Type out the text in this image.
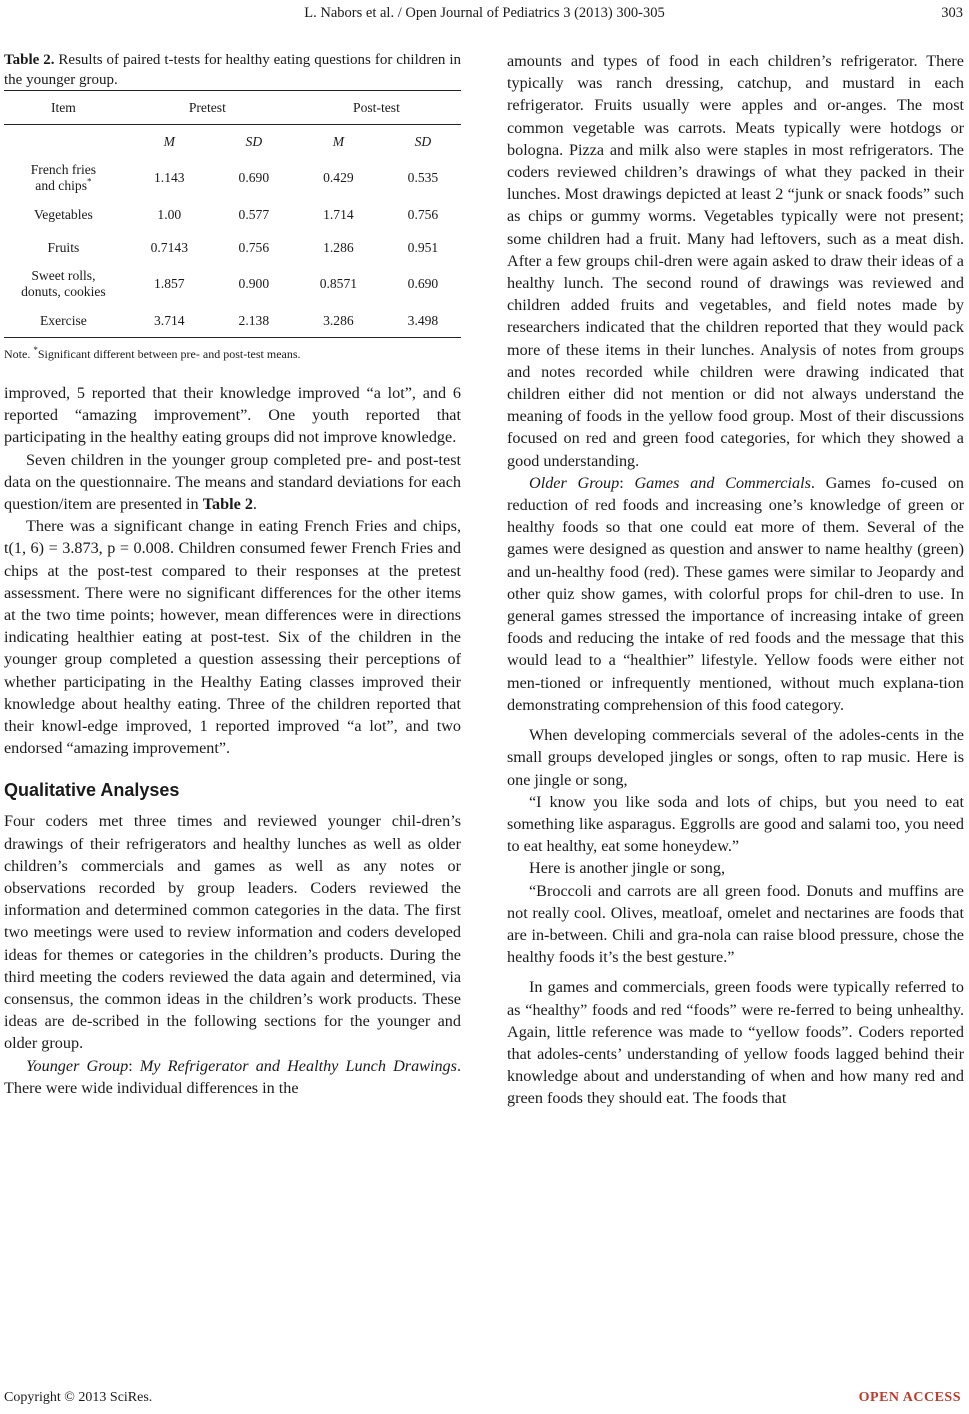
L. Nabors et al. / Open Journal of Pediatrics 3 (2013) 300-305	303

Table 2. Results of paired t-tests for healthy eating questions for children in the younger group.

Item	Pretest		Post-test	
	M	SD	M	SD
French fries
and chips*	1.143	0.690	0.429	0.535
Vegetables	1.00	0.577	1.714	0.756
Fruits	0.7143	0.756	1.286	0.951
Sweet rolls,
donuts, cookies	1.857	0.900	0.8571	0.690
Exercise	3.714	2.138	3.286	3.498
Note. *Significant different between pre- and post-test means.

improved, 5 reported that their knowledge improved “a lot”, and 6 reported “amazing improvement”. One youth reported that participating in the healthy eating groups did not improve knowledge.

Seven children in the younger group completed pre- and post-test data on the questionnaire. The means and standard deviations for each question/item are presented in Table 2.

There was a significant change in eating French Fries and chips, t(1, 6) = 3.873, p = 0.008. Children consumed fewer French Fries and chips at the post-test compared to their responses at the pretest assessment. There were no significant differences for the other items at the two time points; however, mean differences were in directions indicating healthier eating at post-test. Six of the children in the younger group completed a question assessing their perceptions of whether participating in the Healthy Eating classes improved their knowledge about healthy eating. Three of the children reported that their knowl-edge improved, 1 reported improved “a lot”, and two endorsed “amazing improvement”.

Qualitative Analyses

Four coders met three times and reviewed younger chil-dren’s drawings of their refrigerators and healthy lunches as well as older children’s commercials and games as well as any notes or observations recorded by group leaders. Coders reviewed the information and determined common categories in the data. The first two meetings were used to review information and coders developed ideas for themes or categories in the children’s products. During the third meeting the coders reviewed the data again and determined, via consensus, the common ideas in the children’s work products. These ideas are de-scribed in the following sections for the younger and older group.

Younger Group: My Refrigerator and Healthy Lunch Drawings. There were wide individual differences in the

amounts and types of food in each children’s refrigerator. There typically was ranch dressing, catchup, and mustard in each refrigerator. Fruits usually were apples and or-anges. The most common vegetable was carrots. Meats typically were hotdogs or bologna. Pizza and milk also were staples in most refrigerators. The coders reviewed children’s drawings of what they packed in their lunches. Most drawings depicted at least 2 “junk or snack foods” such as chips or gummy worms. Vegetables typically were not present; some children had a fruit. Many had leftovers, such as a meat dish. After a few groups chil-dren were again asked to draw their ideas of a healthy lunch. The second round of drawings was reviewed and children added fruits and vegetables, and field notes made by researchers indicated that the children reported that they would pack more of these items in their lunches. Analysis of notes from groups and notes recorded while children were drawing indicated that children either did not mention or did not always understand the meaning of foods in the yellow food group. Most of their discussions focused on red and green food categories, for which they showed a good understanding.

Older Group: Games and Commercials. Games fo-cused on reduction of red foods and increasing one’s knowledge of green or healthy foods so that one could eat more of them. Several of the games were designed as question and answer to name healthy (green) and un-healthy food (red). These games were similar to Jeopardy and other quiz show games, with colorful props for chil-dren to use. In general games stressed the importance of increasing intake of green foods and reducing the intake of red foods and the message that this would lead to a “healthier” lifestyle. Yellow foods were either not men-tioned or infrequently mentioned, without much explana-tion demonstrating comprehension of this food category.

When developing commercials several of the adoles-cents in the small groups developed jingles or songs, often to rap music. Here is one jingle or song,

“I know you like soda and lots of chips, but you need to eat something like asparagus. Eggrolls are good and salami too, you need to eat healthy, eat some honeydew.”

Here is another jingle or song,

“Broccoli and carrots are all green food. Donuts and muffins are not really cool. Olives, meatloaf, omelet and nectarines are foods that are in-between. Chili and gra-nola can raise blood pressure, chose the healthy foods it’s the best gesture.”

In games and commercials, green foods were typically referred to as “healthy” foods and red “foods” were re-ferred to being unhealthy. Again, little reference was made to “yellow foods”. Coders reported that adoles-cents’ understanding of yellow foods lagged behind their knowledge about and understanding of when and how many red and green foods they should eat. The foods that

Copyright © 2013 SciRes.	OPEN ACCESS
